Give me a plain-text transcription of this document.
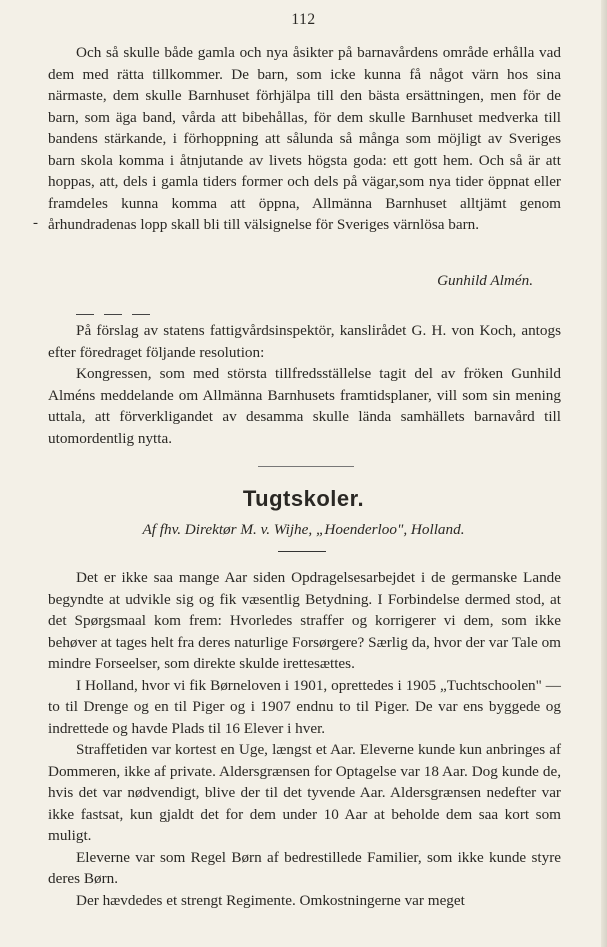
112

Och så skulle både gamla och nya åsikter på barnavårdens område erhålla vad dem med rätta tillkommer. De barn, som icke kunna få något värn hos sina närmaste, dem skulle Barnhuset förhjälpa till den bästa ersättningen, men för de barn, som äga band, vårda att bibehållas, för dem skulle Barnhuset medverka till bandens stärkande, i förhoppning att sålunda så många som möjligt av Sveriges barn skola komma i åtnjutande av livets högsta goda: ett gott hem. Och så är att hoppas, att, dels i gamla tiders former och dels på vägar,som nya tider öppnat eller framdeles kunna komma att öppna, Allmänna Barnhuset alltjämt genom århundradenas lopp skall bli till välsignelse för Sveriges värnlösa barn.

-
Gunhild Almén.

På förslag av statens fattigvårdsinspektör, kanslirådet G. H. von Koch, antogs efter föredraget följande resolution:

Kongressen, som med största tillfredsställelse tagit del av fröken Gunhild Alméns meddelande om Allmänna Barnhusets framtidsplaner, vill som sin mening uttala, att förverkligandet av desamma skulle lända samhällets barnavård till utomordentlig nytta.

Tugtskoler.
Af fhv. Direktør M. v. Wijhe, „Hoenderloo", Holland.

Det er ikke saa mange Aar siden Opdragelsesarbejdet i de germanske Lande begyndte at udvikle sig og fik væsentlig Betydning. I Forbindelse dermed stod, at det Spørgsmaal kom frem: Hvorledes straffer og korrigerer vi dem, som ikke behøver at tages helt fra deres naturlige Forsørgere? Særlig da, hvor der var Tale om mindre Forseelser, som direkte skulde irettesættes.

I Holland, hvor vi fik Børneloven i 1901, oprettedes i 1905 „Tuchtschoolen" — to til Drenge og en til Piger og i 1907 endnu to til Piger. De var ens byggede og indrettede og havde Plads til 16 Elever i hver.

Straffetiden var kortest en Uge, længst et Aar. Eleverne kunde kun anbringes af Dommeren, ikke af private. Aldersgrænsen for Optagelse var 18 Aar. Dog kunde de, hvis det var nødvendigt, blive der til det tyvende Aar. Aldersgrænsen nedefter var ikke fastsat, kun gjaldt det for dem under 10 Aar at beholde dem saa kort som muligt.

Eleverne var som Regel Børn af bedrestillede Familier, som ikke kunde styre deres Børn.

Der hævdedes et strengt Regimente. Omkostningerne var meget
